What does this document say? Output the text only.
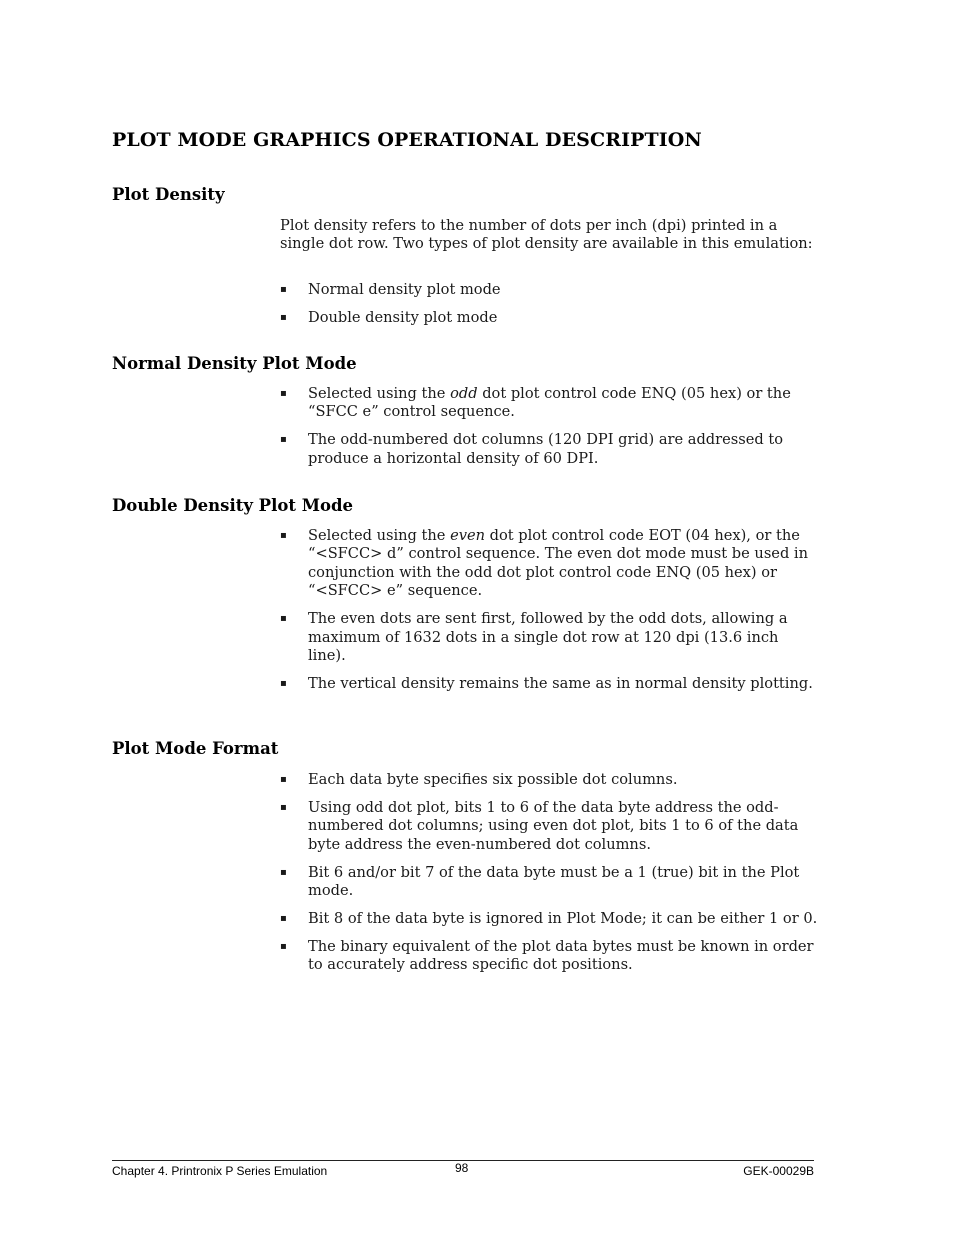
PLOT MODE GRAPHICS OPERATIONAL DESCRIPTION
Plot Density

Plot density refers to the number of dots per inch (dpi) printed in a single dot row. Two types of plot density are available in this emulation:

▪ Normal density plot mode
▪ Double density plot mode
Normal Density Plot Mode
▪ Selected using the odd dot plot control code ENQ (05 hex) or the “SFCC e” control sequence.
▪ The odd-numbered dot columns (120 DPI grid) are addressed to produce a horizontal density of 60 DPI.
Double Density Plot Mode
▪ Selected using the even dot plot control code EOT (04 hex), or the “<SFCC> d” control sequence. The even dot mode must be used in conjunction with the odd dot plot control code ENQ (05 hex) or “<SFCC> e” sequence.
▪ The even dots are sent first, followed by the odd dots, allowing a maximum of 1632 dots in a single dot row at 120 dpi (13.6 inch line).
▪ The vertical density remains the same as in normal density plotting.
Plot Mode Format
▪ Each data byte specifies six possible dot columns.
▪ Using odd dot plot, bits 1 to 6 of the data byte address the odd-numbered dot columns; using even dot plot, bits 1 to 6 of the data byte address the even-numbered dot columns.
▪ Bit 6 and/or bit 7 of the data byte must be a 1 (true) bit in the Plot mode.
▪ Bit 8 of the data byte is ignored in Plot Mode; it can be either 1 or 0.
▪ The binary equivalent of the plot data bytes must be known in order to accurately address specific dot positions.
Chapter 4. Printronix P Series Emulation	98	GEK-00029B
